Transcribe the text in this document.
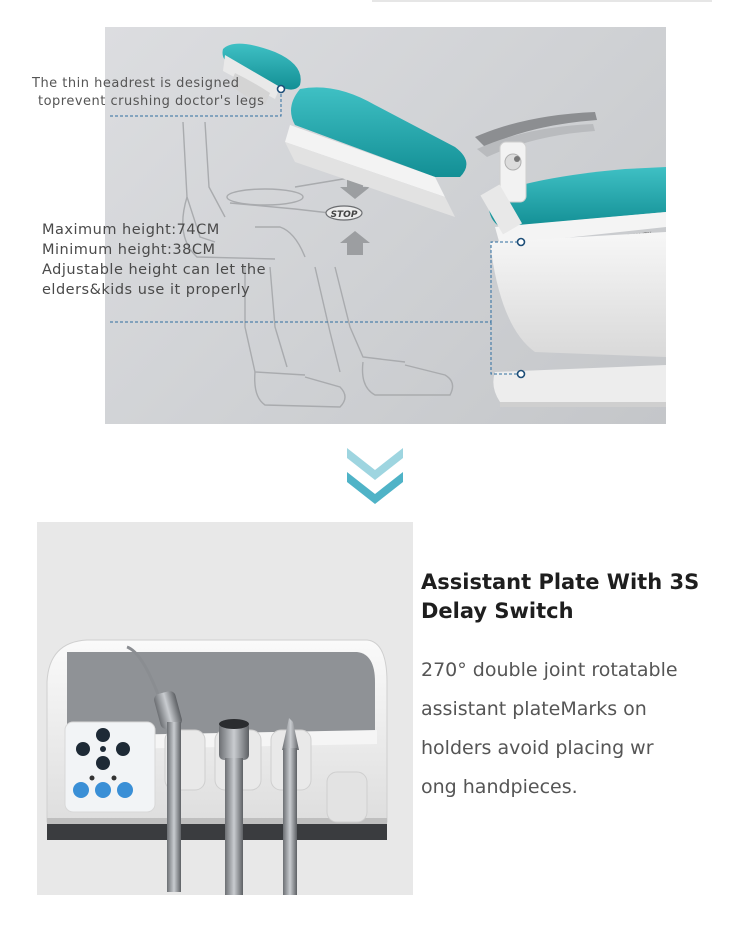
STOP
The thin headrest is designed
toprevent crushing doctor's legs
Maximum height:74CM
Minimum height:38CM
Adjustable height can let the
elders&kids use it properly
Assistant Plate With 3S
Delay Switch
270° double joint rotatable
assistant plateMarks on
holders avoid placing wr
ong handpieces.
